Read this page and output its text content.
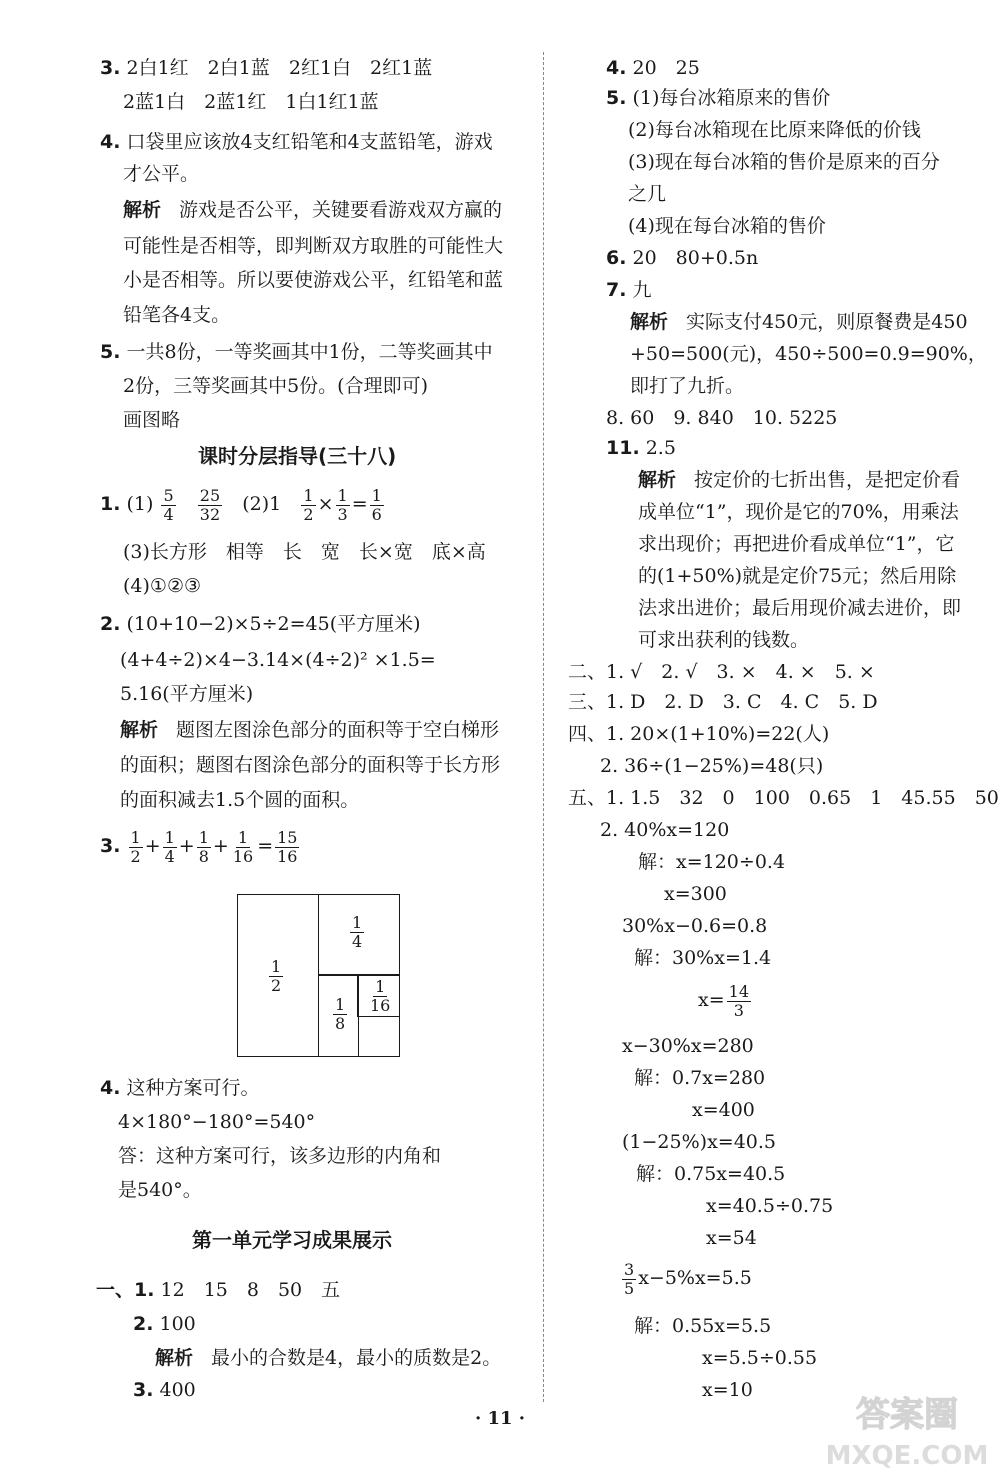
3. 2白1红　2白1蓝　2红1白　2红1蓝
2蓝1白　2蓝1红　1白1红1蓝
4. 口袋里应该放4支红铅笔和4支蓝铅笔，游戏
才公平。
解析 游戏是否公平，关键要看游戏双方赢的
可能性是否相等，即判断双方取胜的可能性大
小是否相等。所以要使游戏公平，红铅笔和蓝
铅笔各4支。
5. 一共8份，一等奖画其中1份，二等奖画其中
2份，三等奖画其中5份。(合理即可)
画图略
课时分层指导(三十八)
1. $(1) \frac{5}{4}$
$\frac{25}{32} (2)1 \frac{1}{2} \times \frac{1}{3} = \frac{1}{6}$
(3)长方形　相等　长　宽　长×宽　底×高
(4)①②③
2. (10+10−2)×5÷2=45(平方厘米)
(4+4÷2)×4−3.14×(4÷2)² ×1.5=
5.16(平方厘米)
解析 题图左图涂色部分的面积等于空白梯形
的面积；题图右图涂色部分的面积等于长方形
的面积减去1.5个圆的面积。
3. $\frac{1}{2} + \frac{1}{4} + \frac{1}{8} + \frac{1}{16} = \frac{15}{16}$
$\frac{1}{2}$
$\frac{1}{4}$
$\frac{1}{8} \frac{1}{16}$
4. 这种方案可行。
4×180°−180°=540°
答：这种方案可行，该多边形的内角和
是540°。
第一单元学习成果展示
一、1. 12　15　8　50　五
2. 100
解析 最小的合数是4，最小的质数是2。
3. 400
4. 20　25
5. (1)每台冰箱原来的售价
(2)每台冰箱现在比原来降低的价钱
(3)现在每台冰箱的售价是原来的百分
之几
(4)现在每台冰箱的售价
6. 20　80+0.5n
7. 九
解析 实际支付450元，则原餐费是450
+50=500(元)，450÷500=0.9=90%，
即打了九折。
8. 60　9. 840　10. 5225
11. 2.5
解析 按定价的七折出售，是把定价看
成单位“1”，现价是它的70%，用乘法
求出现价；再把进价看成单位“1”，它
的(1+50%)就是定价75元；然后用除
法求出进价；最后用现价减去进价，即
可求出获利的钱数。
二、1. √　2. √　3. ×　4. ×　5. ×
三、1. D　2. D　3. C　4. C　5. D
四、1. 20×(1+10%)=22(人)
2. 36÷(1−25%)=48(只)
五、1. 1.5　32　0　100　0.65　1　45.55　50
2. 40%x=120
解：x=120÷0.4
x=300
30%x−0.6=0.8
解：30%x=1.4
$x= \frac{14}{3}$
x−30%x=280
解：0.7x=280
x=400
(1−25%)x=40.5
解：0.75x=40.5
x=40.5÷0.75
x=54
$\frac{3}{5} x-5\%x=5.5$
解：0.55x=5.5
x=5.5÷0.55
x=10
· 11 ·	答案圈
MXQE.COM
